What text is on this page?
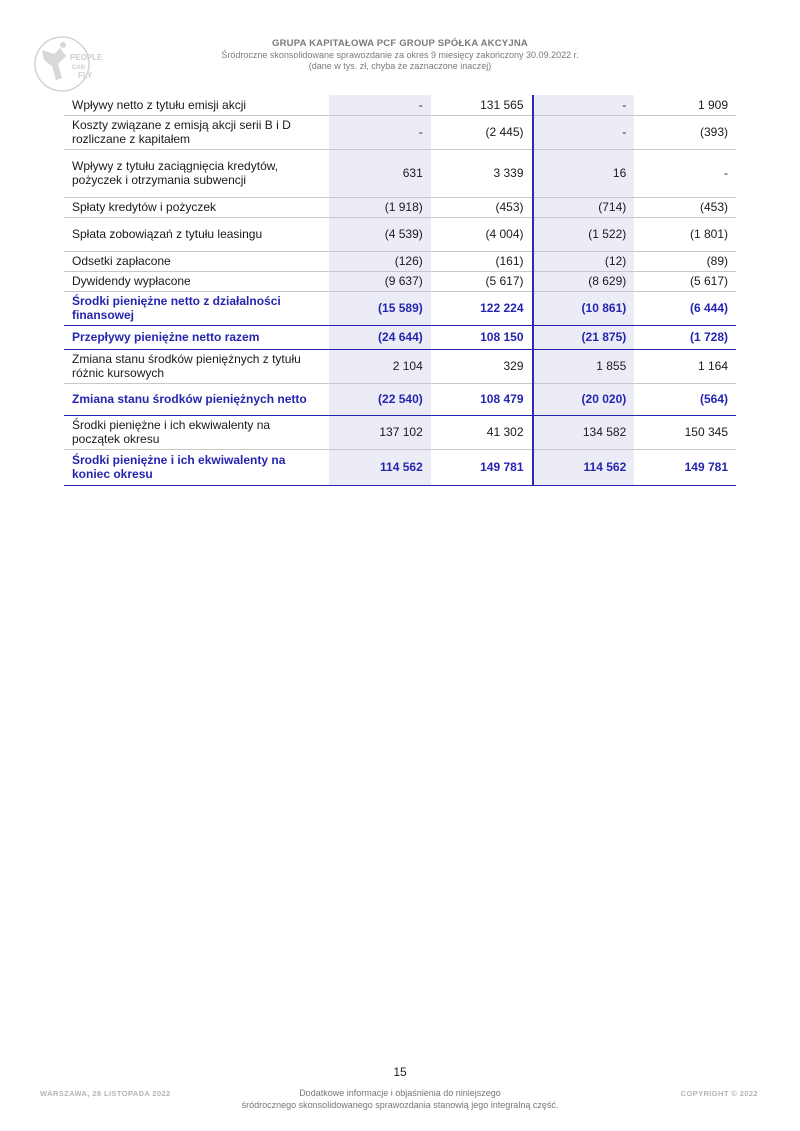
PEOPLE
CAN
FLY
GRUPA KAPITAŁOWA PCF GROUP SPÓŁKA AKCYJNA
Śródroczne skonsolidowane sprawozdanie za okres 9 miesięcy zakończony 30.09.2022 r.
(dane w tys. zł, chyba że zaznaczone inaczej)
Wpływy netto z tytułu emisji akcji	-	131 565	-	1 909
Koszty związane z emisją akcji serii B i D rozliczane z kapitałem	-	(2 445)	-	(393)
Wpływy z tytułu zaciągnięcia kredytów, pożyczek i otrzymania subwencji	631	3 339	16	-
Spłaty kredytów i pożyczek	(1 918)	(453)	(714)	(453)
Spłata zobowiązań z tytułu leasingu	(4 539)	(4 004)	(1 522)	(1 801)
Odsetki zapłacone	(126)	(161)	(12)	(89)
Dywidendy wypłacone	(9 637)	(5 617)	(8 629)	(5 617)
Środki pieniężne netto z działalności finansowej	(15 589)	122 224	(10 861)	(6 444)
Przepływy pieniężne netto razem	(24 644)	108 150	(21 875)	(1 728)
Zmiana stanu środków pieniężnych z tytułu różnic kursowych	2 104	329	1 855	1 164
Zmiana stanu środków pieniężnych netto	(22 540)	108 479	(20 020)	(564)
Środki pieniężne i ich ekwiwalenty na początek okresu	137 102	41 302	134 582	150 345
Środki pieniężne i ich ekwiwalenty na koniec okresu	114 562	149 781	114 562	149 781
15
WARSZAWA, 28 LISTOPADA 2022	Dodatkowe informacje i objaśnienia do niniejszego
śródrocznego skonsolidowanego sprawozdania stanowią jego integralną część.
COPYRIGHT © 2022
